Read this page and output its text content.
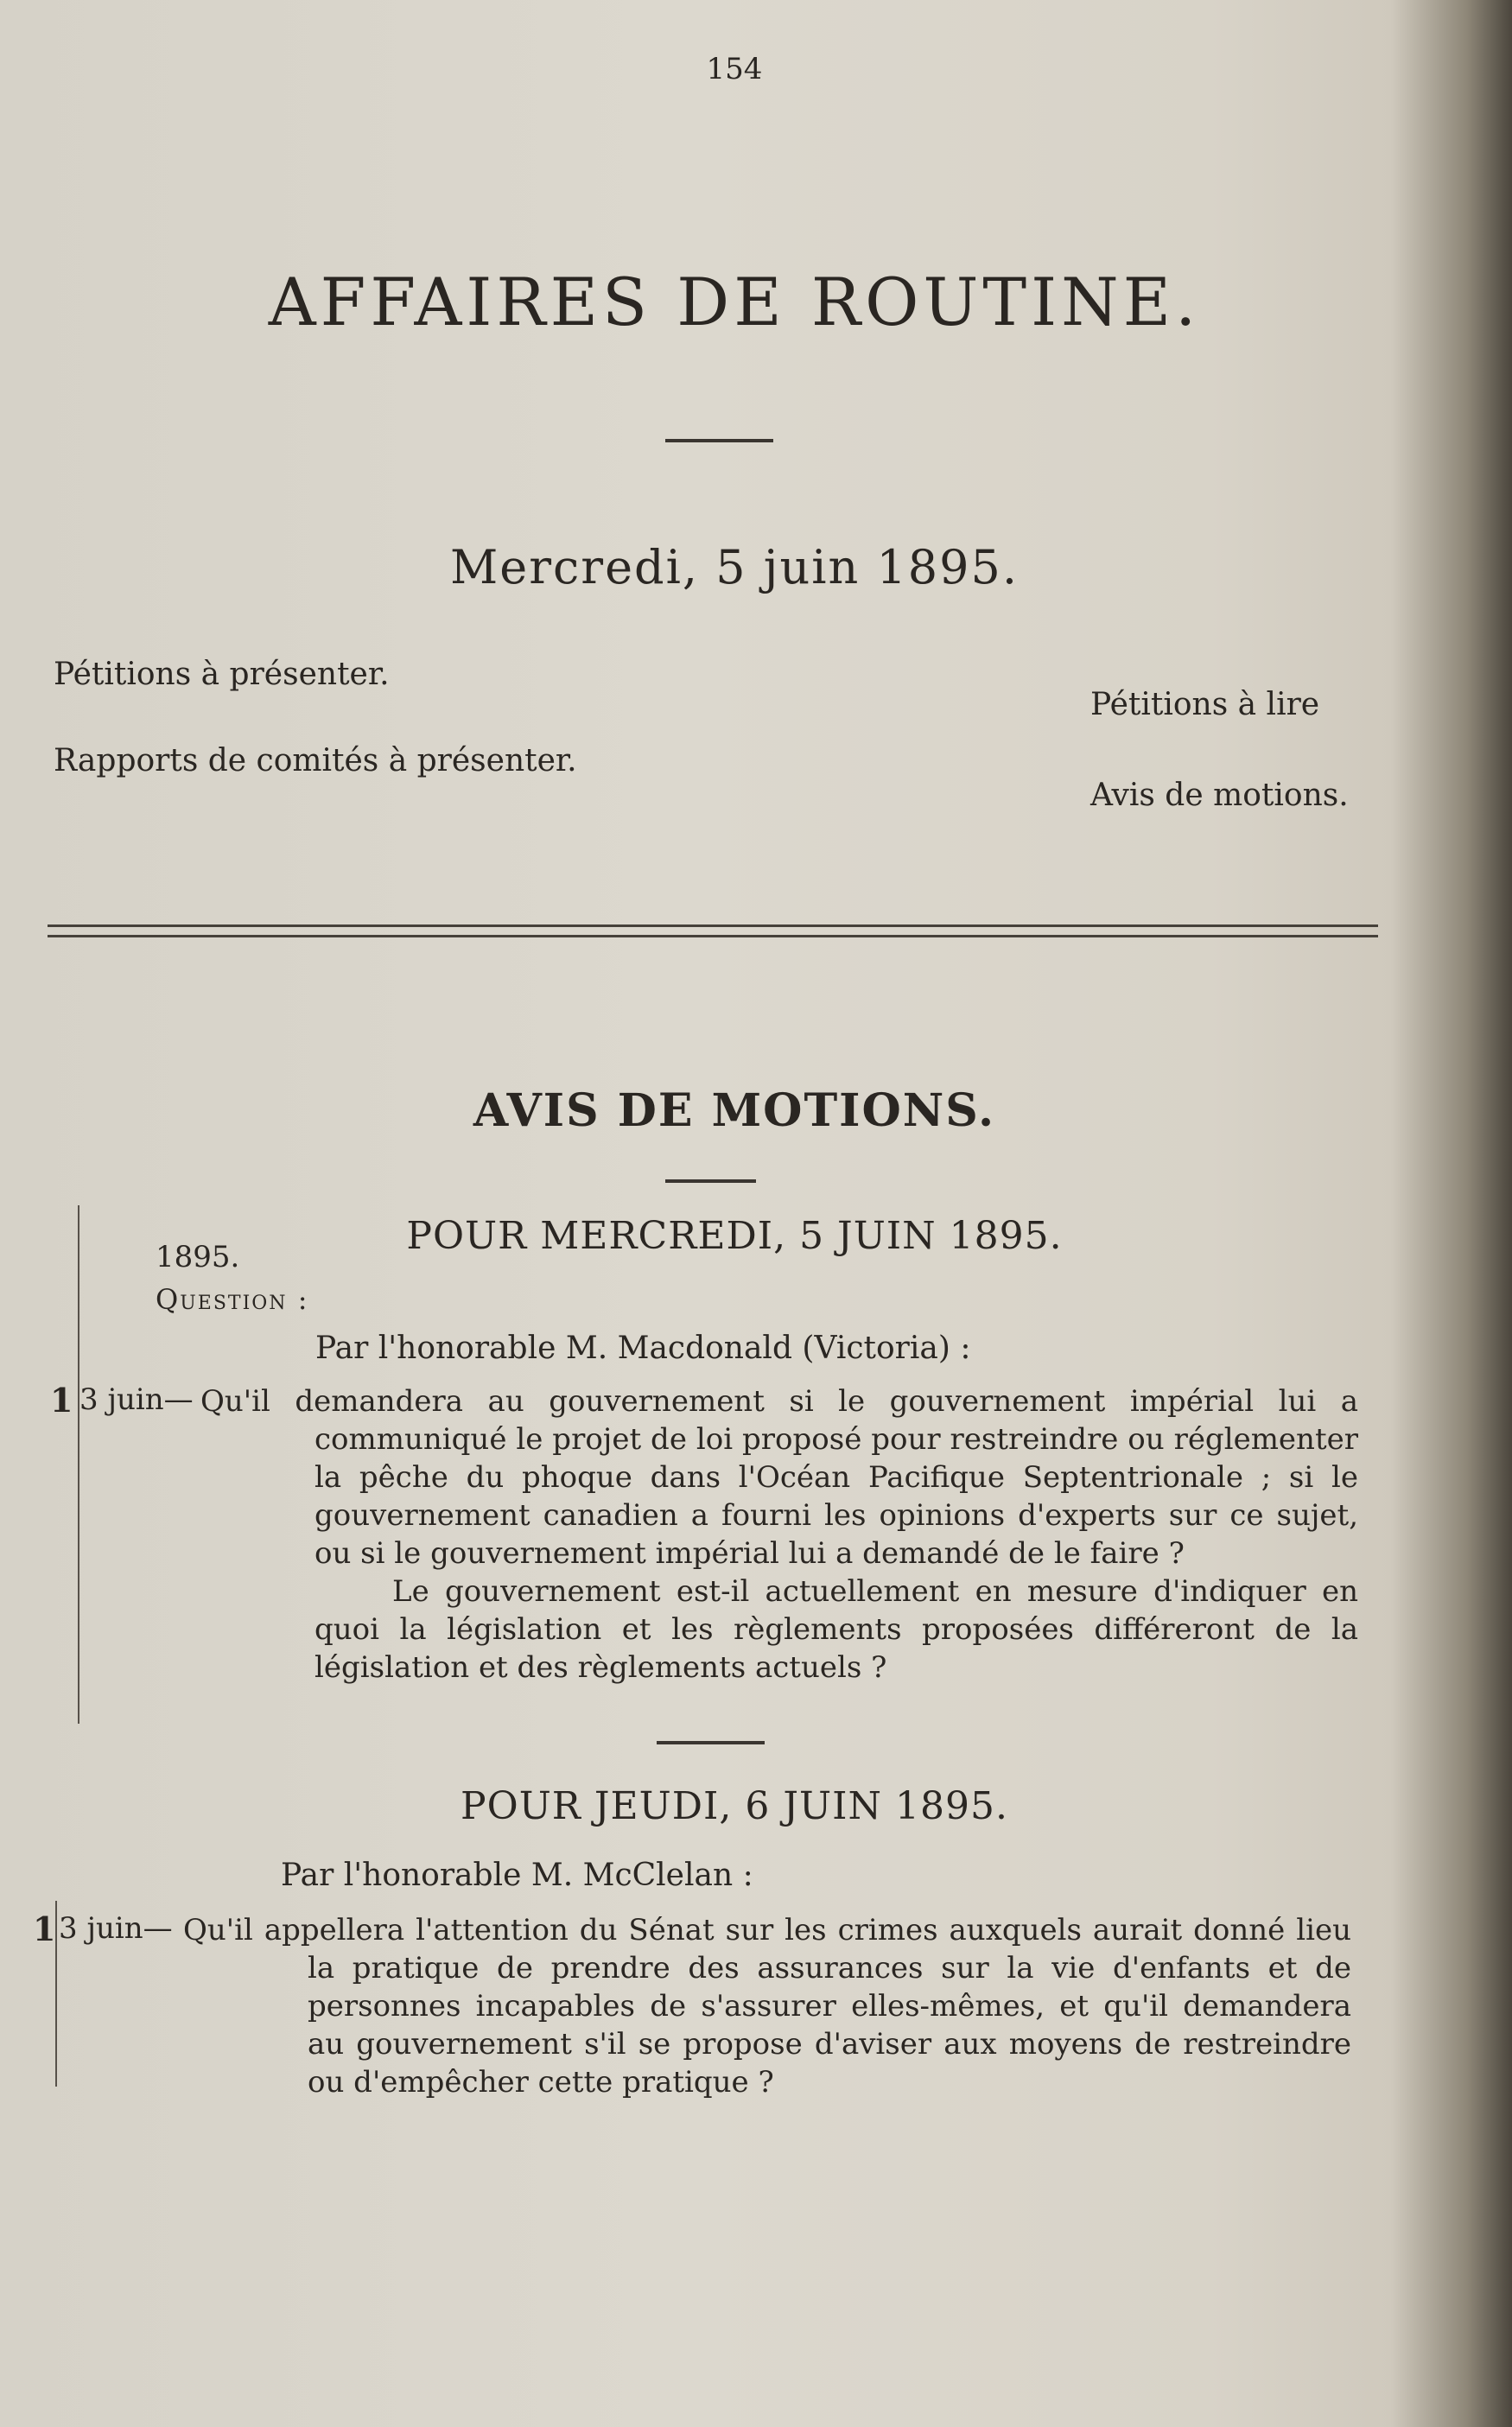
154
AFFAIRES DE ROUTINE.
Mercredi, 5 juin 1895.
Pétitions à présenter.
Rapports de comités à présenter.
Pétitions à lire
Avis de motions.
AVIS DE MOTIONS.
POUR MERCREDI, 5 JUIN 1895.
1895.
Question :
Par l'honorable M. Macdonald (Victoria) :
1 3 juin— Qu'il demandera au gouvernement si le gouvernement impérial lui a communiqué le projet de loi proposé pour restreindre ou réglementer la pêche du phoque dans l'Océan Pacifique Septentrionale ; si le gouvernement canadien a fourni les opinions d'experts sur ce sujet, ou si le gouvernement impérial lui a demandé de le faire ?

Le gouvernement est-il actuellement en mesure d'indiquer en quoi la législation et les règlements proposées différeront de la législation et des règlements actuels ?

POUR JEUDI, 6 JUIN 1895.
Par l'honorable M. McClelan :
1 3 juin— Qu'il appellera l'attention du Sénat sur les crimes auxquels aurait donné lieu la pratique de prendre des assurances sur la vie d'enfants et de personnes incapables de s'assurer elles-mêmes, et qu'il demandera au gouvernement s'il se propose d'aviser aux moyens de restreindre ou d'empêcher cette pratique ?
